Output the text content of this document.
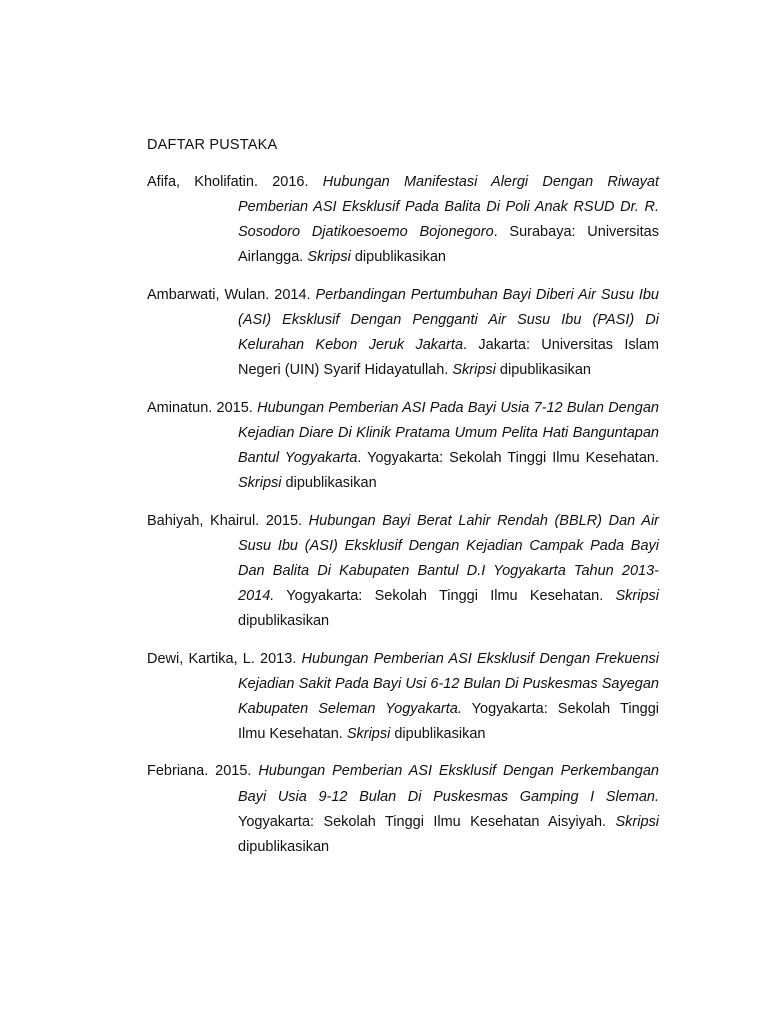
DAFTAR PUSTAKA
Afifa, Kholifatin. 2016. Hubungan Manifestasi Alergi Dengan Riwayat Pemberian ASI Eksklusif Pada Balita Di Poli Anak RSUD Dr. R. Sosodoro Djatikoesoemo Bojonegoro. Surabaya: Universitas Airlangga. Skripsi dipublikasikan
Ambarwati, Wulan. 2014. Perbandingan Pertumbuhan Bayi Diberi Air Susu Ibu (ASI) Eksklusif Dengan Pengganti Air Susu Ibu (PASI) Di Kelurahan Kebon Jeruk Jakarta. Jakarta: Universitas Islam Negeri (UIN) Syarif Hidayatullah. Skripsi dipublikasikan
Aminatun. 2015. Hubungan Pemberian ASI Pada Bayi Usia 7-12 Bulan Dengan Kejadian Diare Di Klinik Pratama Umum Pelita Hati Banguntapan Bantul Yogyakarta. Yogyakarta: Sekolah Tinggi Ilmu Kesehatan. Skripsi dipublikasikan
Bahiyah, Khairul. 2015. Hubungan Bayi Berat Lahir Rendah (BBLR) Dan Air Susu Ibu (ASI) Eksklusif Dengan Kejadian Campak Pada Bayi Dan Balita Di Kabupaten Bantul D.I Yogyakarta Tahun 2013-2014. Yogyakarta: Sekolah Tinggi Ilmu Kesehatan. Skripsi dipublikasikan
Dewi, Kartika, L. 2013. Hubungan Pemberian ASI Eksklusif Dengan Frekuensi Kejadian Sakit Pada Bayi Usi 6-12 Bulan Di Puskesmas Sayegan Kabupaten Seleman Yogyakarta. Yogyakarta: Sekolah Tinggi Ilmu Kesehatan. Skripsi dipublikasikan
Febriana. 2015. Hubungan Pemberian ASI Eksklusif Dengan Perkembangan Bayi Usia 9-12 Bulan Di Puskesmas Gamping I Sleman. Yogyakarta: Sekolah Tinggi Ilmu Kesehatan Aisyiyah. Skripsi dipublikasikan
